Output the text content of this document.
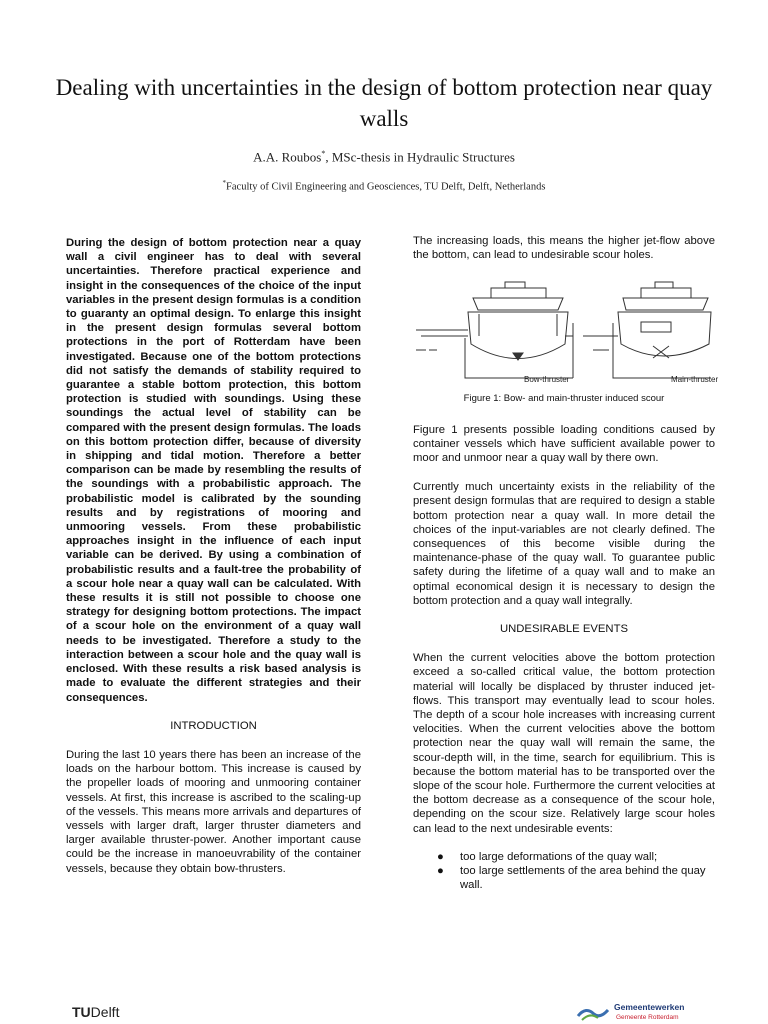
Dealing with uncertainties in the design of bottom protection near quay walls
A.A. Roubos*, MSc-thesis in Hydraulic Structures
*Faculty of Civil Engineering and Geosciences, TU Delft, Delft, Netherlands

During the design of bottom protection near a quay wall a civil engineer has to deal with several uncertainties. Therefore practical experience and insight in the consequences of the choice of the input variables in the present design formulas is a condition to guaranty an optimal design. To enlarge this insight in the present design formulas several bottom protections in the port of Rotterdam have been investigated. Because one of the bottom protections did not satisfy the demands of stability required to guarantee a stable bottom protection, this bottom protection is studied with soundings. Using these soundings the actual level of stability can be compared with the present design formulas. The loads on this bottom protection differ, because of diversity in shipping and tidal motion. Therefore a better comparison can be made by resembling the results of the soundings with a probabilistic approach. The probabilistic model is calibrated by the sounding results and by registrations of mooring and unmooring vessels. From these probabilistic approaches insight in the influence of each input variable can be derived. By using a combination of probabilistic results and a fault-tree the probability of a scour hole near a quay wall can be calculated. With these results it is still not possible to choose one strategy for designing bottom protections. The impact of a scour hole on the environment of a quay wall needs to be investigated. Therefore a study to the interaction between a scour hole and the quay wall is enclosed. With these results a risk based analysis is made to evaluate the different strategies and their consequences.

INTRODUCTION

During the last 10 years there has been an increase of the loads on the harbour bottom. This increase is caused by the propeller loads of mooring and unmooring container vessels. At first, this increase is ascribed to the scaling-up of the vessels. This means more arrivals and departures of vessels with larger draft, larger thruster diameters and larger available thruster-power. Another important cause could be the increase in manoeuvrability of the container vessels, because they obtain bow-thrusters.

The increasing loads, this means the higher jet-flow above the bottom, can lead to undesirable scour holes.

Bow-thruster	Main-thruster
Figure 1: Bow- and main-thruster induced scour

Figure 1 presents possible loading conditions caused by container vessels which have sufficient available power to moor and unmoor near a quay wall by there own.

Currently much uncertainty exists in the reliability of the present design formulas that are required to design a stable bottom protection near a quay wall. In more detail the choices of the input-variables are not clearly defined. The consequences of this become visible during the maintenance-phase of the quay wall. To guarantee public safety during the lifetime of a quay wall and to make an optimal economical design it is necessary to design the bottom protection and a quay wall integrally.

UNDESIRABLE EVENTS

When the current velocities above the bottom protection exceed a so-called critical value, the bottom protection material will locally be displaced by thruster induced jet-flows. This transport may eventually lead to scour holes. The depth of a scour hole increases with increasing current velocities. When the current velocities above the bottom protection near the quay wall will remain the same, the scour-depth will, in the time, search for equilibrium. This is because the bottom material has to be transported over the slope of the scour hole. Furthermore the current velocities at the bottom decrease as a consequence of the scour hole, depending on the scour size. Relatively large scour holes can lead to the next undesirable events:

● too large deformations of the quay wall;
● too large settlements of the area behind the quay wall.
TUDelft	Gemeentewerken
Gemeente Rotterdam
